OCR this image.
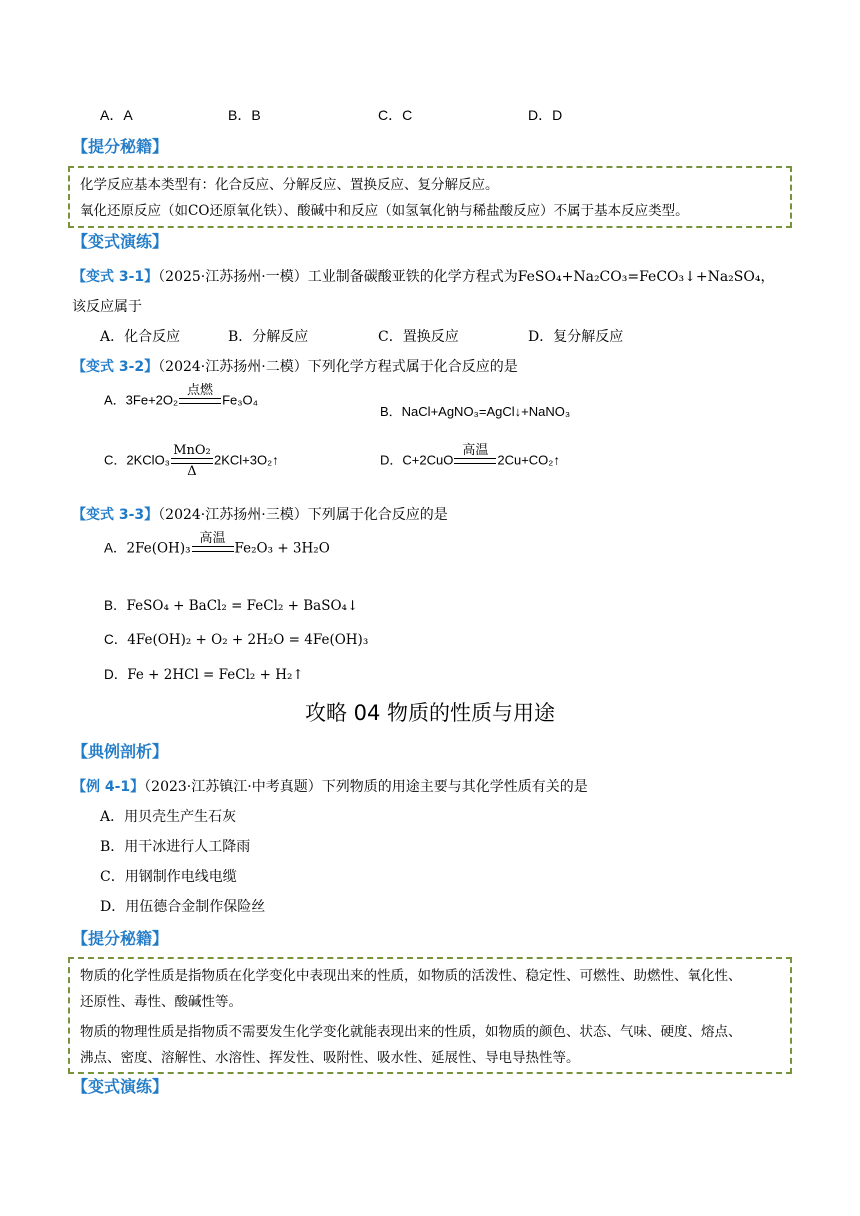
A．A	B．B	C．C	D．D
【提分秘籍】
化学反应基本类型有：化合反应、分解反应、置换反应、复分解反应。
氧化还原反应（如CO还原氧化铁）、酸碱中和反应（如氢氧化钠与稀盐酸反应）不属于基本反应类型。
【变式演练】
【变式 3-1】（2025·江苏扬州·一模）工业制备碳酸亚铁的化学方程式为FeSO₄+Na₂CO₃=FeCO₃↓+Na₂SO₄，
该反应属于
A．化合反应	B．分解反应	C．置换反应	D．复分解反应
【变式 3-2】（2024·江苏扬州·二模）下列化学方程式属于化合反应的是
A．3Fe+2O₂
点燃

Fe₃O₄
B．NaCl+AgNO₃=AgCl↓+NaNO₃
C．2KClO₃
MnO₂
Δ
2KCl+3O₂↑	D．C+2CuO
高温

2Cu+CO₂↑
【变式 3-3】（2024·江苏扬州·三模）下列属于化合反应的是
A．2Fe(OH)₃
高温

Fe₂O₃ + 3H₂O
B．FeSO₄ + BaCl₂ = FeCl₂ + BaSO₄↓
C．4Fe(OH)₂ + O₂ + 2H₂O = 4Fe(OH)₃
D．Fe + 2HCl = FeCl₂ + H₂↑
攻略 04 物质的性质与用途
【典例剖析】
【例 4-1】（2023·江苏镇江·中考真题）下列物质的用途主要与其化学性质有关的是
A．用贝壳生产生石灰
B．用干冰进行人工降雨
C．用钢制作电线电缆
D．用伍德合金制作保险丝
【提分秘籍】
物质的化学性质是指物质在化学变化中表现出来的性质，如物质的活泼性、稳定性、可燃性、助燃性、氧化性、
还原性、毒性、酸碱性等。
物质的物理性质是指物质不需要发生化学变化就能表现出来的性质，如物质的颜色、状态、气味、硬度、熔点、
沸点、密度、溶解性、水溶性、挥发性、吸附性、吸水性、延展性、导电导热性等。
【变式演练】
